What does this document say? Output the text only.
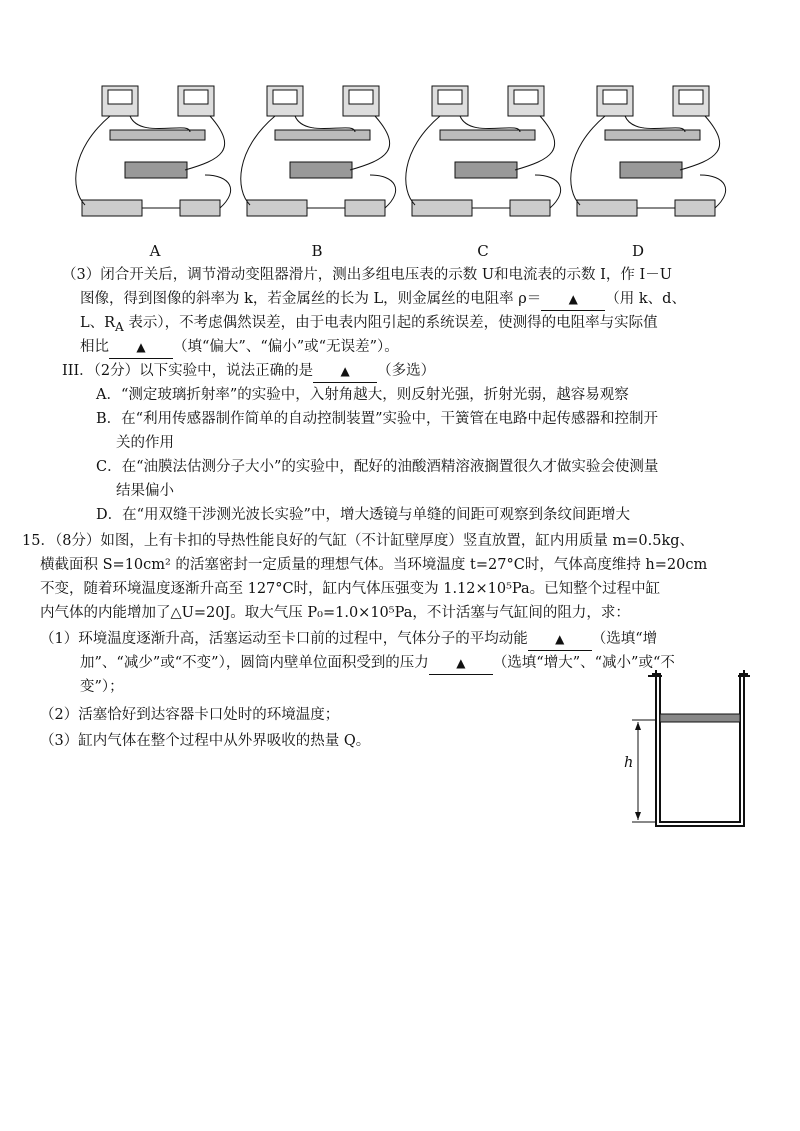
A	B	C	D
（3）闭合开关后，调节滑动变阻器滑片，测出多组电压表的示数 U和电流表的示数 I，作 I－U
图像，得到图像的斜率为 k，若金属丝的长为 L，则金属丝的电阻率 ρ＝ ▲ （用 k、d、
L、$R_A$ 表示），不考虑偶然误差，由于电表内阻引起的系统误差，使测得的电阻率与实际值
相比 ▲ （填“偏大”、“偏小”或“无误差”）。
III．（2分）以下实验中，说法正确的是 ▲ （多选）
A．“测定玻璃折射率”的实验中，入射角越大，则反射光强，折射光弱，越容易观察
B．在“利用传感器制作简单的自动控制装置”实验中，干簧管在电路中起传感器和控制开
关的作用
C．在“油膜法估测分子大小”的实验中，配好的油酸酒精溶液搁置很久才做实验会使测量
结果偏小
D．在“用双缝干涉测光波长实验”中，增大透镜与单缝的间距可观察到条纹间距增大
15．（8分）如图，上有卡扣的导热性能良好的气缸（不计缸壁厚度）竖直放置，缸内用质量 m=0.5kg、
横截面积 S=10cm² 的活塞密封一定质量的理想气体。当环境温度 t=27°C时，气体高度维持 h=20cm
不变，随着环境温度逐渐升高至 127°C时，缸内气体压强变为 1.12×10⁵Pa。已知整个过程中缸
内气体的内能增加了△U=20J。取大气压 P₀=1.0×10⁵Pa，不计活塞与气缸间的阻力，求：
（1）环境温度逐渐升高，活塞运动至卡口前的过程中，气体分子的平均动能 ▲ （选填“增
加”、“减少”或“不变”），圆筒内壁单位面积受到的压力 ▲ （选填“增大”、“减小”或“不
变”）；
（2）活塞恰好到达容器卡口处时的环境温度；
（3）缸内气体在整个过程中从外界吸收的热量 Q。
h
